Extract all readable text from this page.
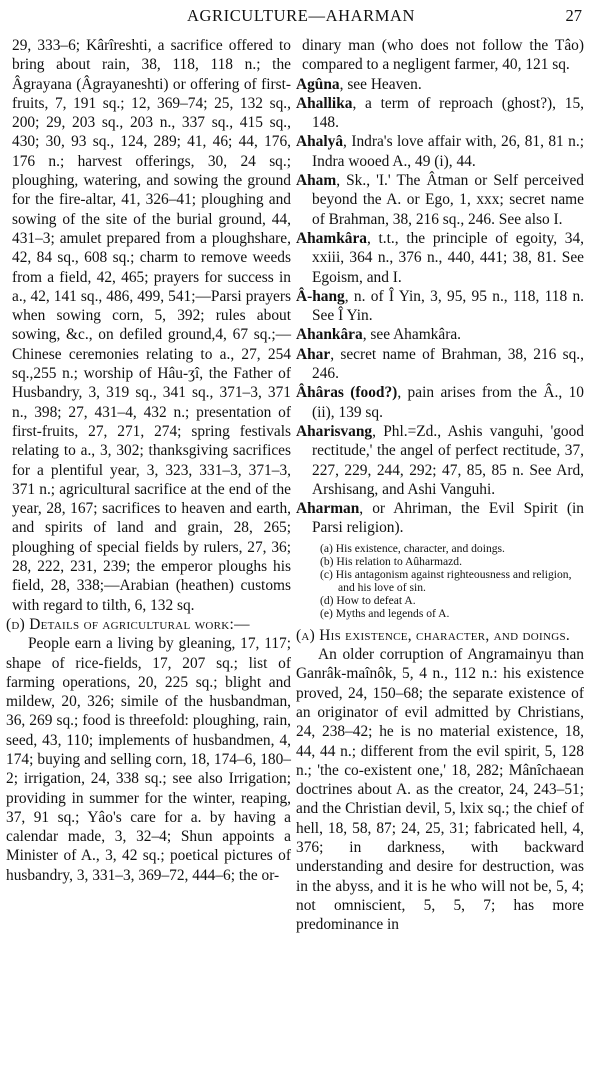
AGRICULTURE—AHARMAN	27
29, 333–6; Kârîreshti, a sacrifice offered to bring about rain, 38, 118, 118 n.; the Âgrayana (Âgrayaneshti) or offering of first-fruits, 7, 191 sq.; 12, 369–74; 25, 132 sq., 200; 29, 203 sq., 203 n., 337 sq., 415 sq., 430; 30, 93 sq., 124, 289; 41, 46; 44, 176, 176 n.; harvest offerings, 30, 24 sq.; ploughing, watering, and sowing the ground for the fire-altar, 41, 326–41; ploughing and sowing of the site of the burial ground, 44, 431–3; amulet prepared from a ploughshare, 42, 84 sq., 608 sq.; charm to remove weeds from a field, 42, 465; prayers for success in a., 42, 141 sq., 486, 499, 541;—Parsi prayers when sowing corn, 5, 392; rules about sowing, &c., on defiled ground,4, 67 sq.;—Chinese ceremonies relating to a., 27, 254 sq.,255 n.; worship of Hâu-ʒî, the Father of Husbandry, 3, 319 sq., 341 sq., 371–3, 371 n., 398; 27, 431–4, 432 n.; presentation of first-fruits, 27, 271, 274; spring festivals relating to a., 3, 302; thanksgiving sacrifices for a plentiful year, 3, 323, 331–3, 371–3, 371 n.; agricultural sacrifice at the end of the year, 28, 167; sacrifices to heaven and earth, and spirits of land and grain, 28, 265; ploughing of special fields by rulers, 27, 36; 28, 222, 231, 239; the emperor ploughs his field, 28, 338;—Arabian (heathen) customs with regard to tilth, 6, 132 sq.
(d) Details of agricultural work:—
People earn a living by gleaning, 17, 117; shape of rice-fields, 17, 207 sq.; list of farming operations, 20, 225 sq.; blight and mildew, 20, 326; simile of the husbandman, 36, 269 sq.; food is threefold: ploughing, rain, seed, 43, 110; implements of husbandmen, 4, 174; buying and selling corn, 18, 174–6, 180–2; irrigation, 24, 338 sq.; see also Irrigation; providing in summer for the winter, reaping, 37, 91 sq.; Yâo's care for a. by having a calendar made, 3, 32–4; Shun appoints a Minister of A., 3, 42 sq.; poetical pictures of husbandry, 3, 331–3, 369–72, 444–6; the or-
dinary man (who does not follow the Tâo) compared to a negligent farmer, 40, 121 sq.
Agûna, see Heaven.
Ahallika, a term of reproach (ghost?), 15, 148.
Ahalyâ, Indra's love affair with, 26, 81, 81 n.; Indra wooed A., 49 (i), 44.
Aham, Sk., 'I.' The Âtman or Self perceived beyond the A. or Ego, 1, xxx; secret name of Brahman, 38, 216 sq., 246. See also I.
Ahamkâra, t.t., the principle of egoity, 34, xxiii, 364 n., 376 n., 440, 441; 38, 81. See Egoism, and I.
Â-hang, n. of Î Yin, 3, 95, 95 n., 118, 118 n. See Î Yin.
Ahankâra, see Ahamkâra.
Ahar, secret name of Brahman, 38, 216 sq., 246.
Âhâras (food?), pain arises from the Â., 10 (ii), 139 sq.
Aharisvang, Phl.=Zd., Ashis vanguhi, 'good rectitude,' the angel of perfect rectitude, 37, 227, 229, 244, 292; 47, 85, 85 n. See Ard, Arshisang, and Ashi Vanguhi.
Aharman, or Ahriman, the Evil Spirit (in Parsi religion).
(a) His existence, character, and doings.
(b) His relation to Aûharmazd.
(c) His antagonism against righteousness and religion, and his love of sin.
(d) How to defeat A.
(e) Myths and legends of A.
(a) His existence, character, and doings.
An older corruption of Angramainyu than Ganrâk-maînôk, 5, 4 n., 112 n.: his existence proved, 24, 150–68; the separate existence of an originator of evil admitted by Christians, 24, 238–42; he is no material existence, 18, 44, 44 n.; different from the evil spirit, 5, 128 n.; 'the co-existent one,' 18, 282; Mânîchaean doctrines about A. as the creator, 24, 243–51; and the Christian devil, 5, lxix sq.; the chief of hell, 18, 58, 87; 24, 25, 31; fabricated hell, 4, 376; in darkness, with backward understanding and desire for destruction, was in the abyss, and it is he who will not be, 5, 4; not omniscient, 5, 5, 7; has more predominance in
